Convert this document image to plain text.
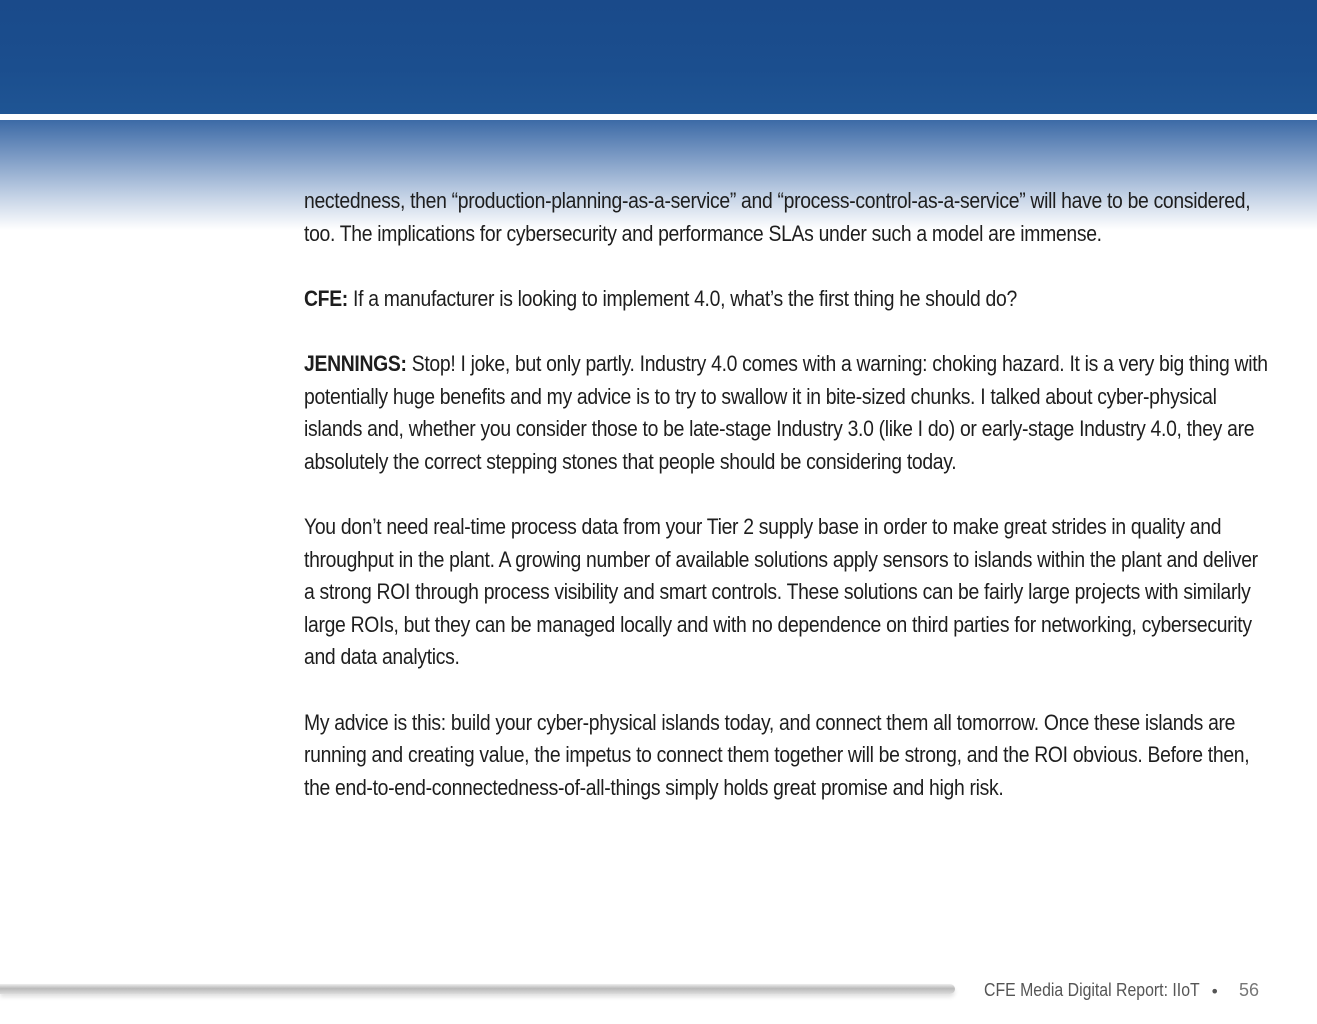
nectedness, then “production-planning-as-a-service” and “process-control-as-a-service” will have to be considered, too. The implications for cybersecurity and performance SLAs under such a model are immense.

CFE: If a manufacturer is looking to implement 4.0, what’s the first thing he should do?

JENNINGS: Stop! I joke, but only partly. Industry 4.0 comes with a warning: choking hazard. It is a very big thing with potentially huge benefits and my advice is to try to swallow it in bite-sized chunks. I talked about cyber-physical islands and, whether you consider those to be late-stage Industry 3.0 (like I do) or early-stage Industry 4.0, they are absolutely the correct stepping stones that people should be considering today.

You don’t need real-time process data from your Tier 2 supply base in order to make great strides in quality and throughput in the plant. A growing number of available solutions apply sensors to islands within the plant and deliver a strong ROI through process visibility and smart controls. These solutions can be fairly large projects with similarly large ROIs, but they can be managed locally and with no dependence on third parties for networking, cybersecurity and data analytics.

My advice is this: build your cyber-physical islands today, and connect them all tomorrow. Once these islands are running and creating value, the impetus to connect them together will be strong, and the ROI obvious. Before then, the end-to-end-connectedness-of-all-things simply holds great promise and high risk.

CFE Media Digital Report: IIoT • 56
